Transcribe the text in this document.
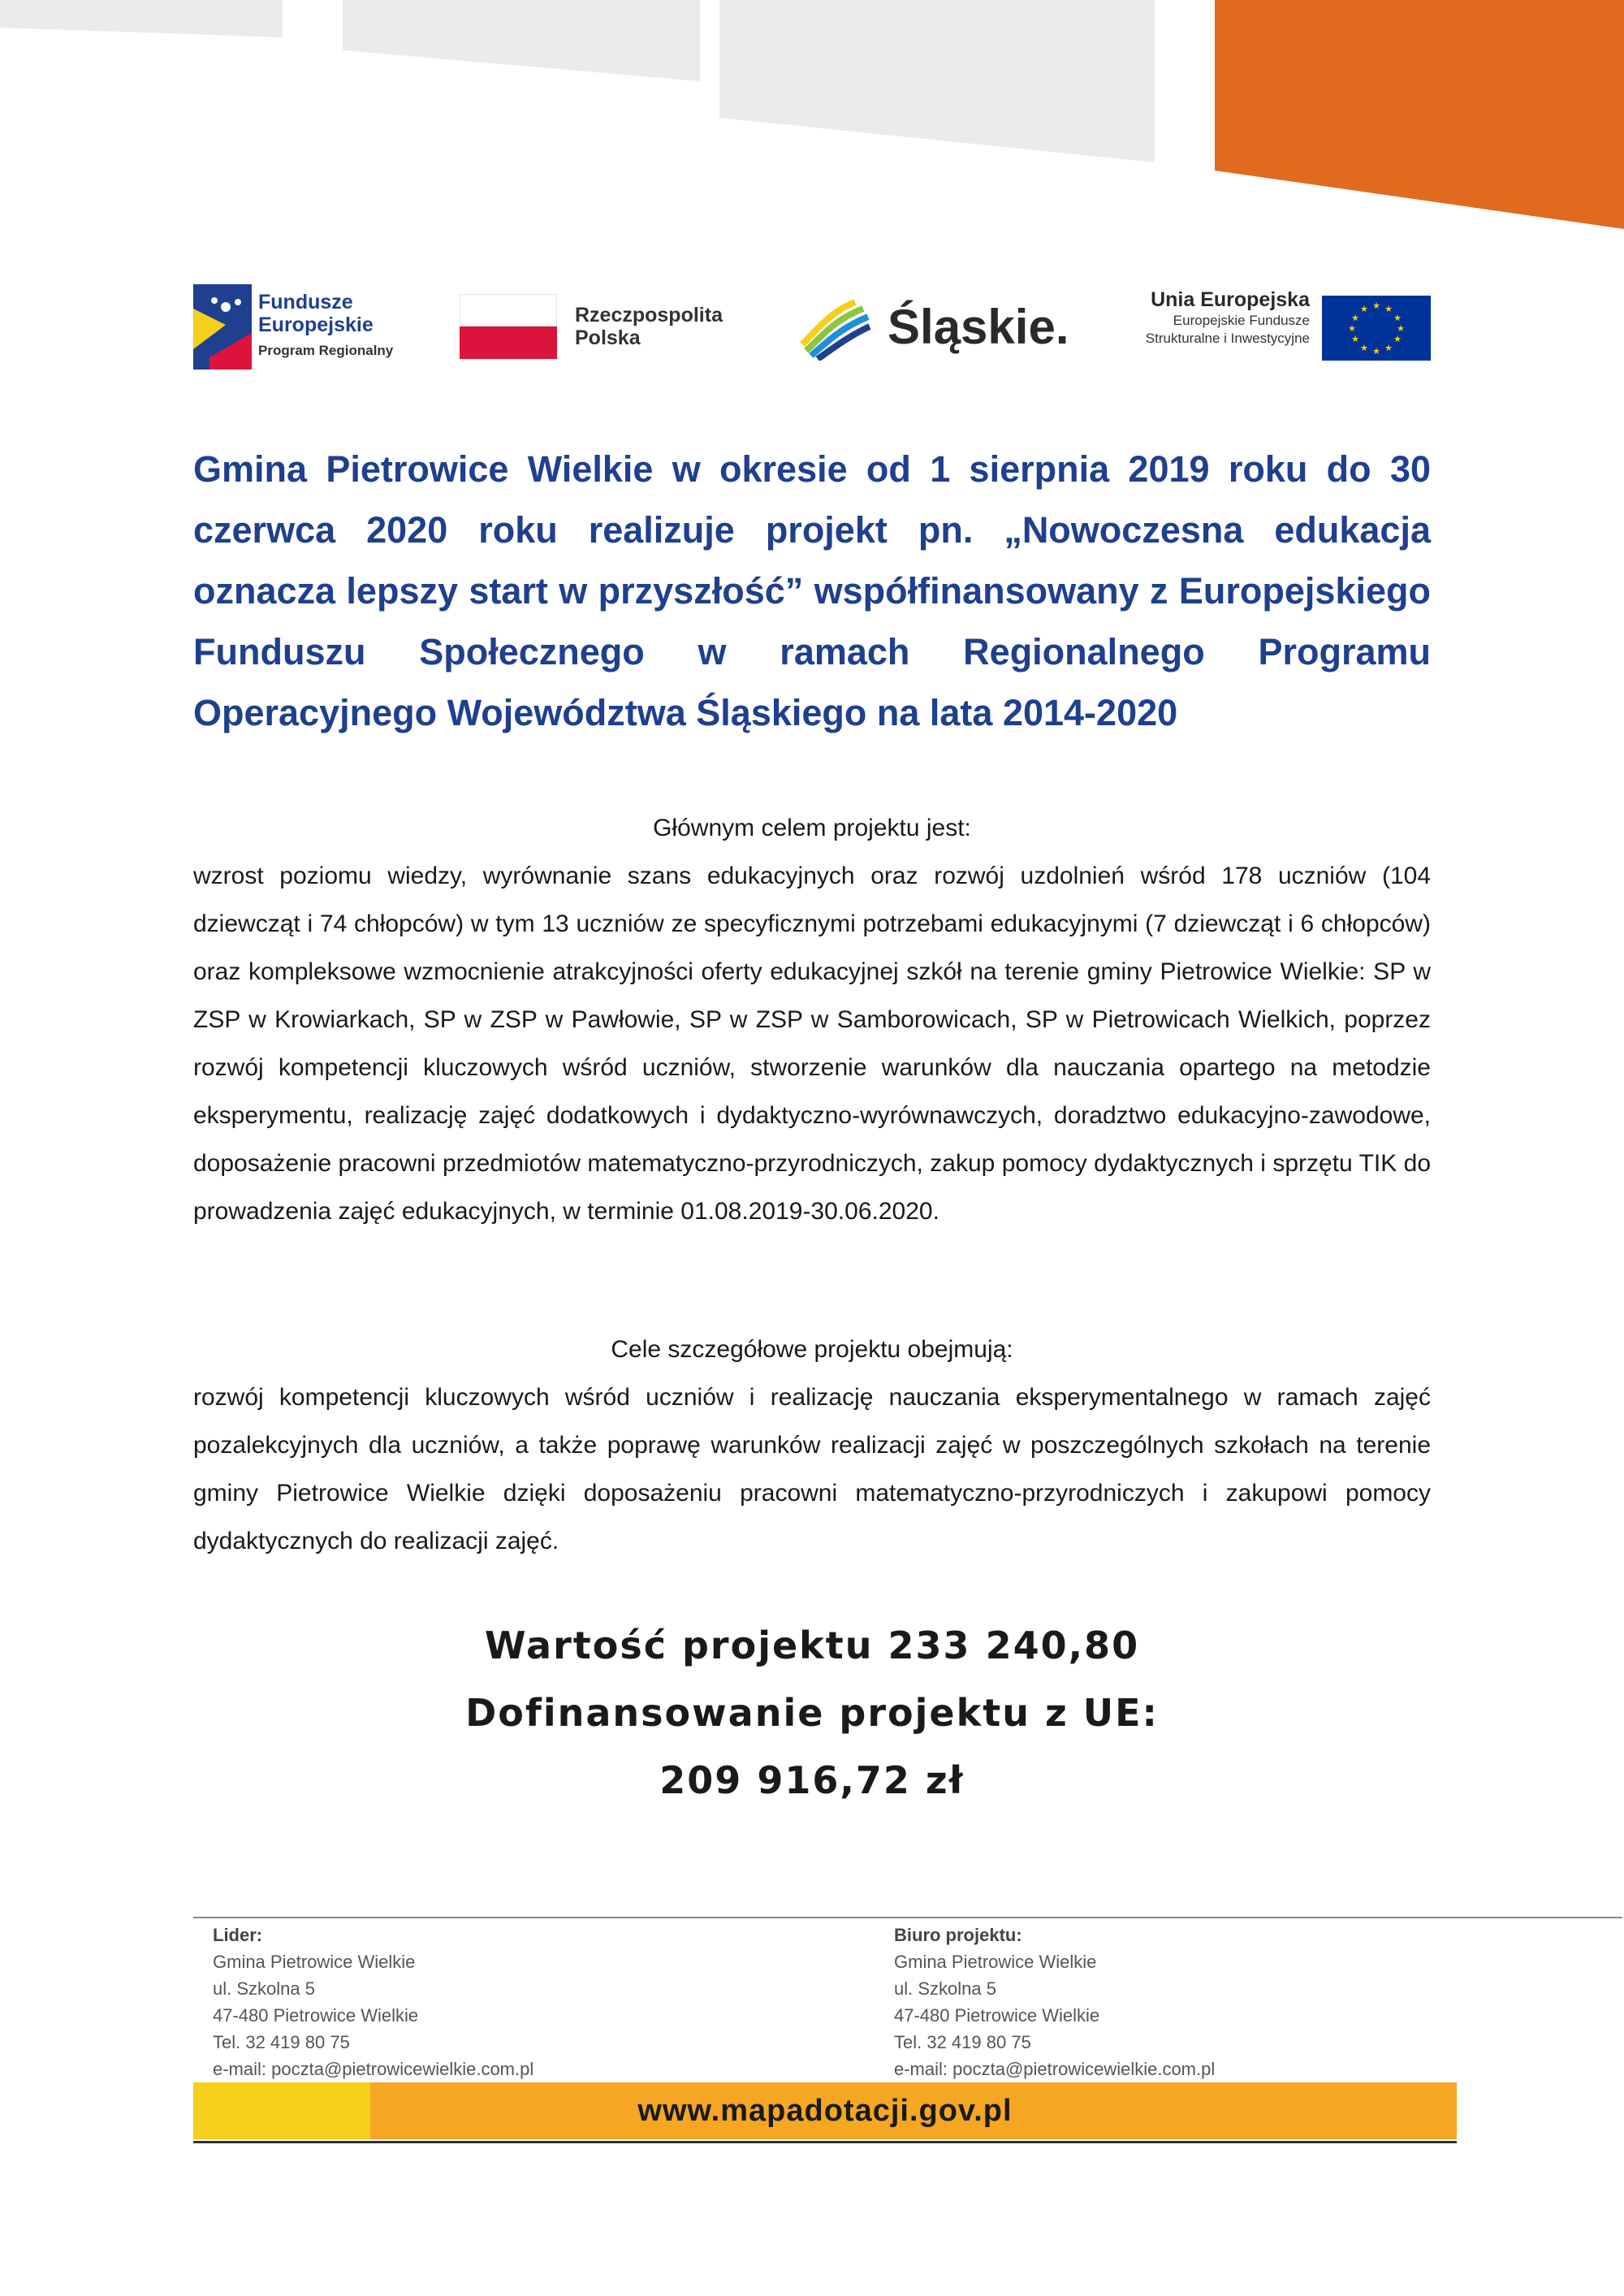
Fundusze
Europejskie
Program Regionalny
Rzeczpospolita
Polska	Śląskie.	Unia Europejska
Europejskie Fundusze
Strukturalne i Inwestycyjne
★ ★
★
★
★
★
★
★
★
★
★
★
Gmina Pietrowice Wielkie w okresie od 1 sierpnia 2019 roku do 30 czerwca 2020 roku realizuje projekt pn. „Nowoczesna edukacja oznacza lepszy start w przyszłość” współfinansowany z Europejskiego Funduszu Społecznego w ramach Regionalnego Programu Operacyjnego Województwa Śląskiego na lata 2014-2020
Głównym celem projektu jest:
wzrost poziomu wiedzy, wyrównanie szans edukacyjnych oraz rozwój uzdolnień wśród 178 uczniów (104 dziewcząt i 74 chłopców) w tym 13 uczniów ze specyficznymi potrzebami edukacyjnymi (7 dziewcząt i 6 chłopców) oraz kompleksowe wzmocnienie atrakcyjności oferty edukacyjnej szkół na terenie gminy Pietrowice Wielkie: SP w ZSP w Krowiarkach, SP w ZSP w Pawłowie, SP w ZSP w Samborowicach, SP w Pietrowicach Wielkich, poprzez rozwój kompetencji kluczowych wśród uczniów, stworzenie warunków dla nauczania opartego na metodzie eksperymentu, realizację zajęć dodatkowych i dydaktyczno-wyrównawczych, doradztwo edukacyjno-zawodowe, doposażenie pracowni przedmiotów matematyczno-przyrodniczych, zakup pomocy dydaktycznych i sprzętu TIK do prowadzenia zajęć edukacyjnych, w terminie 01.08.2019-30.06.2020.
Cele szczegółowe projektu obejmują:
rozwój kompetencji kluczowych wśród uczniów i realizację nauczania eksperymentalnego w ramach zajęć pozalekcyjnych dla uczniów, a także poprawę warunków realizacji zajęć w poszczególnych szkołach na terenie gminy Pietrowice Wielkie dzięki doposażeniu pracowni matematyczno-przyrodniczych i zakupowi pomocy dydaktycznych do realizacji zajęć.
Wartość projektu 233 240,80
Dofinansowanie projektu z UE:
209 916,72 zł
Lider:
Gmina Pietrowice Wielkie
ul. Szkolna 5
47-480 Pietrowice Wielkie
Tel. 32 419 80 75
e-mail: poczta@pietrowicewielkie.com.pl
Biuro projektu:
Gmina Pietrowice Wielkie
ul. Szkolna 5
47-480 Pietrowice Wielkie
Tel. 32 419 80 75
e-mail: poczta@pietrowicewielkie.com.pl
www.mapadotacji.gov.pl
